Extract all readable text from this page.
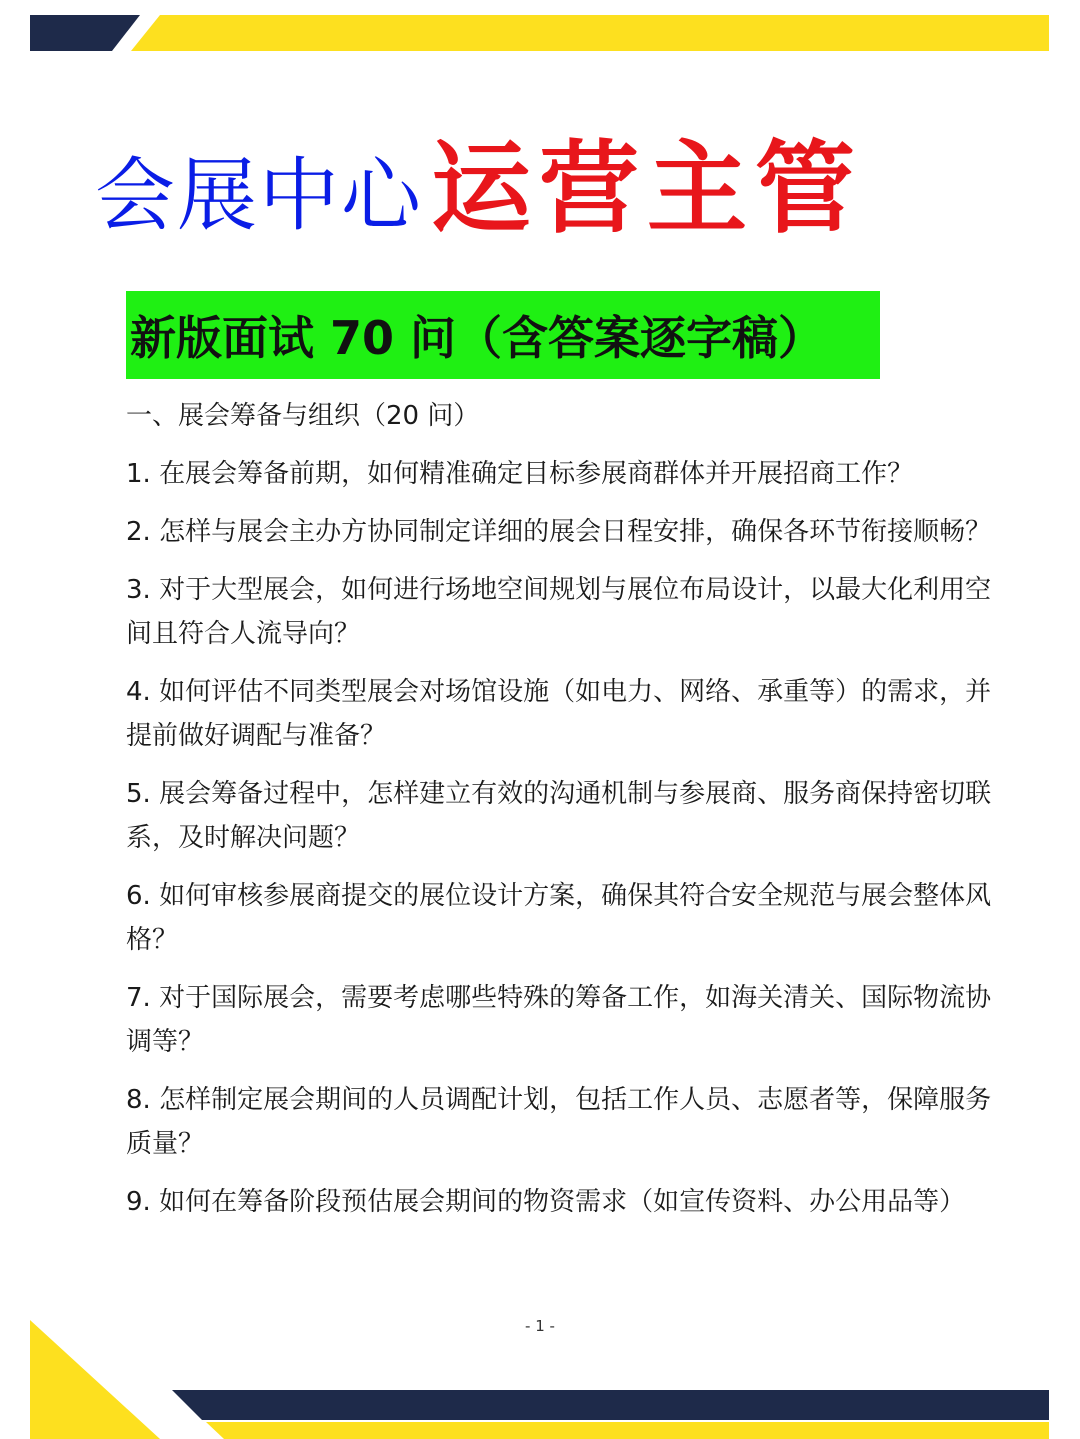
会展中心运营主管
新版面试 70 问（含答案逐字稿）

一、展会筹备与组织（20 问）

1. 在展会筹备前期，如何精准确定目标参展商群体并开展招商工作？

2. 怎样与展会主办方协同制定详细的展会日程安排，确保各环节衔接顺畅？

3. 对于大型展会，如何进行场地空间规划与展位布局设计，以最大化利用空间且符合人流导向？

4. 如何评估不同类型展会对场馆设施（如电力、网络、承重等）的需求，并提前做好调配与准备？

5. 展会筹备过程中，怎样建立有效的沟通机制与参展商、服务商保持密切联系，及时解决问题？

6. 如何审核参展商提交的展位设计方案，确保其符合安全规范与展会整体风格？

7. 对于国际展会，需要考虑哪些特殊的筹备工作，如海关清关、国际物流协调等？

8. 怎样制定展会期间的人员调配计划，包括工作人员、志愿者等，保障服务质量？

9. 如何在筹备阶段预估展会期间的物资需求（如宣传资料、办公用品等）

- 1 -
